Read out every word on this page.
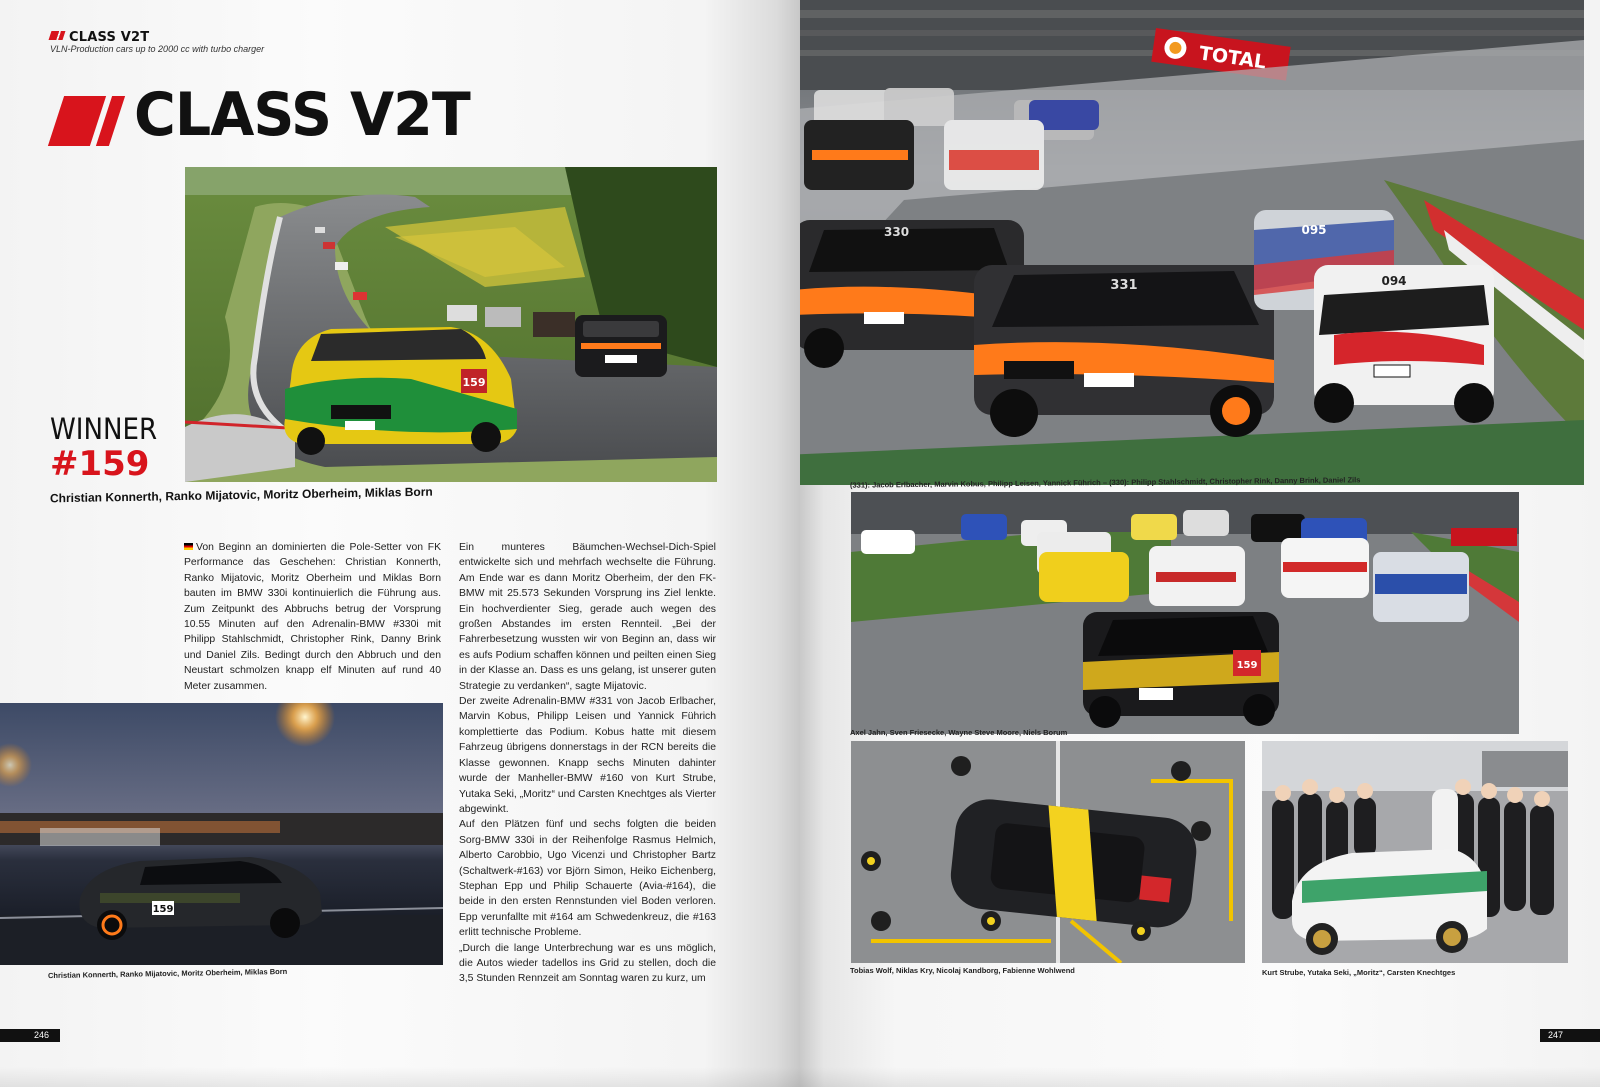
CLASS V2T
VLN-Production cars up to 2000 cc with turbo charger
CLASS V2T
159
WINNER
#159
Christian Konnerth, Ranko Mijatovic, Moritz Oberheim, Miklas Born

Von Beginn an dominierten die Pole-Setter von FK Performance das Geschehen: Christian Konnerth, Ranko Mijatovic, Moritz Oberheim und Miklas Born bauten im BMW 330i kontinuierlich die Führung aus. Zum Zeitpunkt des Abbruchs betrug der Vorsprung 10.55 Minuten auf den Adrenalin-BMW #330i mit Philipp Stahlschmidt, Christopher Rink, Danny Brink und Daniel Zils. Bedingt durch den Abbruch und den Neustart schmolzen knapp elf Minuten auf rund 40 Meter zusammen.

Ein munteres Bäumchen-Wechsel-Dich-Spiel entwickelte sich und mehrfach wechselte die Führung. Am Ende war es dann Moritz Oberheim, der den FK-BMW mit 25.573 Sekunden Vorsprung ins Ziel lenkte. Ein hochverdienter Sieg, gerade auch wegen des großen Abstandes im ersten Rennteil. „Bei der Fahrerbesetzung wussten wir von Beginn an, dass wir es aufs Podium schaffen können und peilten einen Sieg in der Klasse an. Dass es uns gelang, ist unserer guten Strategie zu verdanken“, sagte Mijatovic.

Der zweite Adrenalin-BMW #331 von Jacob Erlbacher, Marvin Kobus, Philipp Leisen und Yannick Führich komplettierte das Podium. Kobus hatte mit diesem Fahrzeug übrigens donnerstags in der RCN bereits die Klasse gewonnen. Knapp sechs Minuten dahinter wurde der Manheller-BMW #160 von Kurt Strube, Yutaka Seki, „Moritz“ und Carsten Knechtges als Vierter abgewinkt.

Auf den Plätzen fünf und sechs folgten die beiden Sorg-BMW 330i in der Reihenfolge Rasmus Helmich, Alberto Carobbio, Ugo Vicenzi und Christopher Bartz (Schaltwerk-#163) vor Björn Simon, Heiko Eichenberg, Stephan Epp und Philip Schauerte (Avia-#164), die beide in den ersten Rennstunden viel Boden verloren. Epp verunfallte mit #164 am Schwedenkreuz, die #163 erlitt technische Probleme.

„Durch die lange Unterbrechung war es uns möglich, die Autos wieder tadellos ins Grid zu stellen, doch die 3,5 Stunden Rennzeit am Sonntag waren zu kurz, um

159
Christian Konnerth, Ranko Mijatovic, Moritz Oberheim, Miklas Born
246
TOTAL
331
330	095
094
(331): Jacob Erlbacher, Marvin Kobus, Philipp Leisen, Yannick Führich – (330): Philipp Stahlschmidt, Christopher Rink, Danny Brink, Daniel Zils
159
Axel Jahn, Sven Friesecke, Wayne Steve Moore, Niels Borum
Tobias Wolf, Niklas Kry, Nicolaj Kandborg, Fabienne Wohlwend	Kurt Strube, Yutaka Seki, „Moritz“, Carsten Knechtges
247
